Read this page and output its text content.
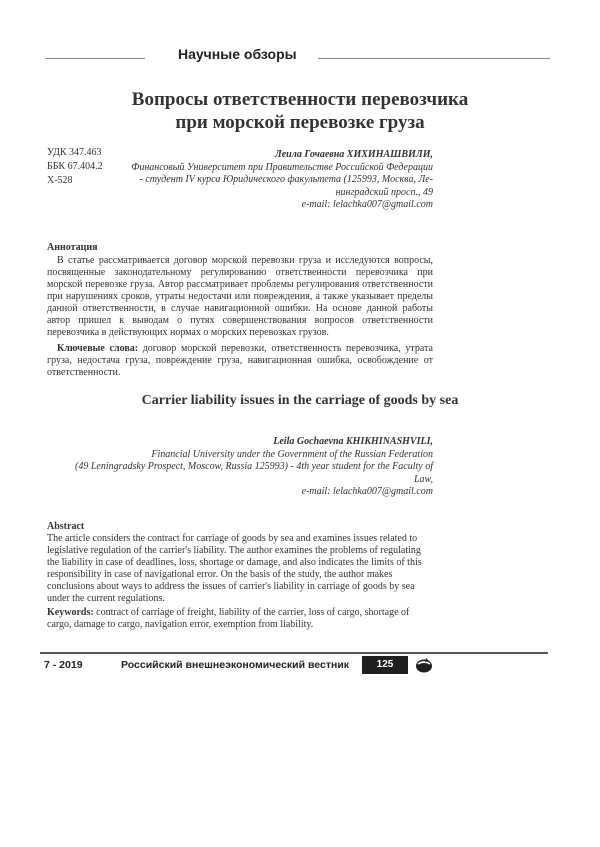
Научные обзоры
Вопросы ответственности перевозчика
при морской перевозке груза
УДК 347.463
ББК 67.404.2
Х-528
Леила Гочаевна ХИХИНАШВИЛИ,
Финансовый Университет при Правительстве Российской Федерации
- студент IV курса Юридического факультета (125993, Москва, Ле-
нинградский просп., 49
e-mail: lelachka007@gmail.com
Аннотация
В статье рассматривается договор морской перевозки груза и исследуются вопросы, посвященные законодательному регулированию ответственности перевозчика при морской перевозке груза. Автор рассматривает проблемы регулирования ответственности при нарушениях сроков, утраты недостачи или повреждения, а также указывает пределы данной ответственности, в случае навигационной ошибки. На основе данной работы автор пришел к выводам о путях совершенствования вопросов ответственности перевозчика в действующих нормах о морских перевозках грузов.
Ключевые слова: договор морской перевозки, ответственность перевозчика, утрата груза, недостача груза, повреждение груза, навигационная ошибка, освобождение от ответственности.
Carrier liability issues in the carriage of goods by sea
Leila Gochaevna KHIKHINASHVILI,
Financial University under the Government of the Russian Federation
(49 Leningradsky Prospect, Moscow, Russia 125993) - 4th year student for the Faculty of Law,
e-mail: lelachka007@gmail.com
Abstract
The article considers the contract for carriage of goods by sea and examines issues related to legislative regulation of the carrier's liability. The author examines the problems of regulating the liability in case of deadlines, loss, shortage or damage, and also indicates the limits of this responsibility in case of navigational error. On the basis of the study, the author makes conclusions about ways to address the issues of carrier's liability in carriage of goods by sea under the current regulations.
Keywords: contract of carriage of freight, liability of the carrier, loss of cargo, shortage of cargo, damage to cargo, navigation error, exemption from liability.
7 - 2019	Российский внешнеэкономический вестник	125
